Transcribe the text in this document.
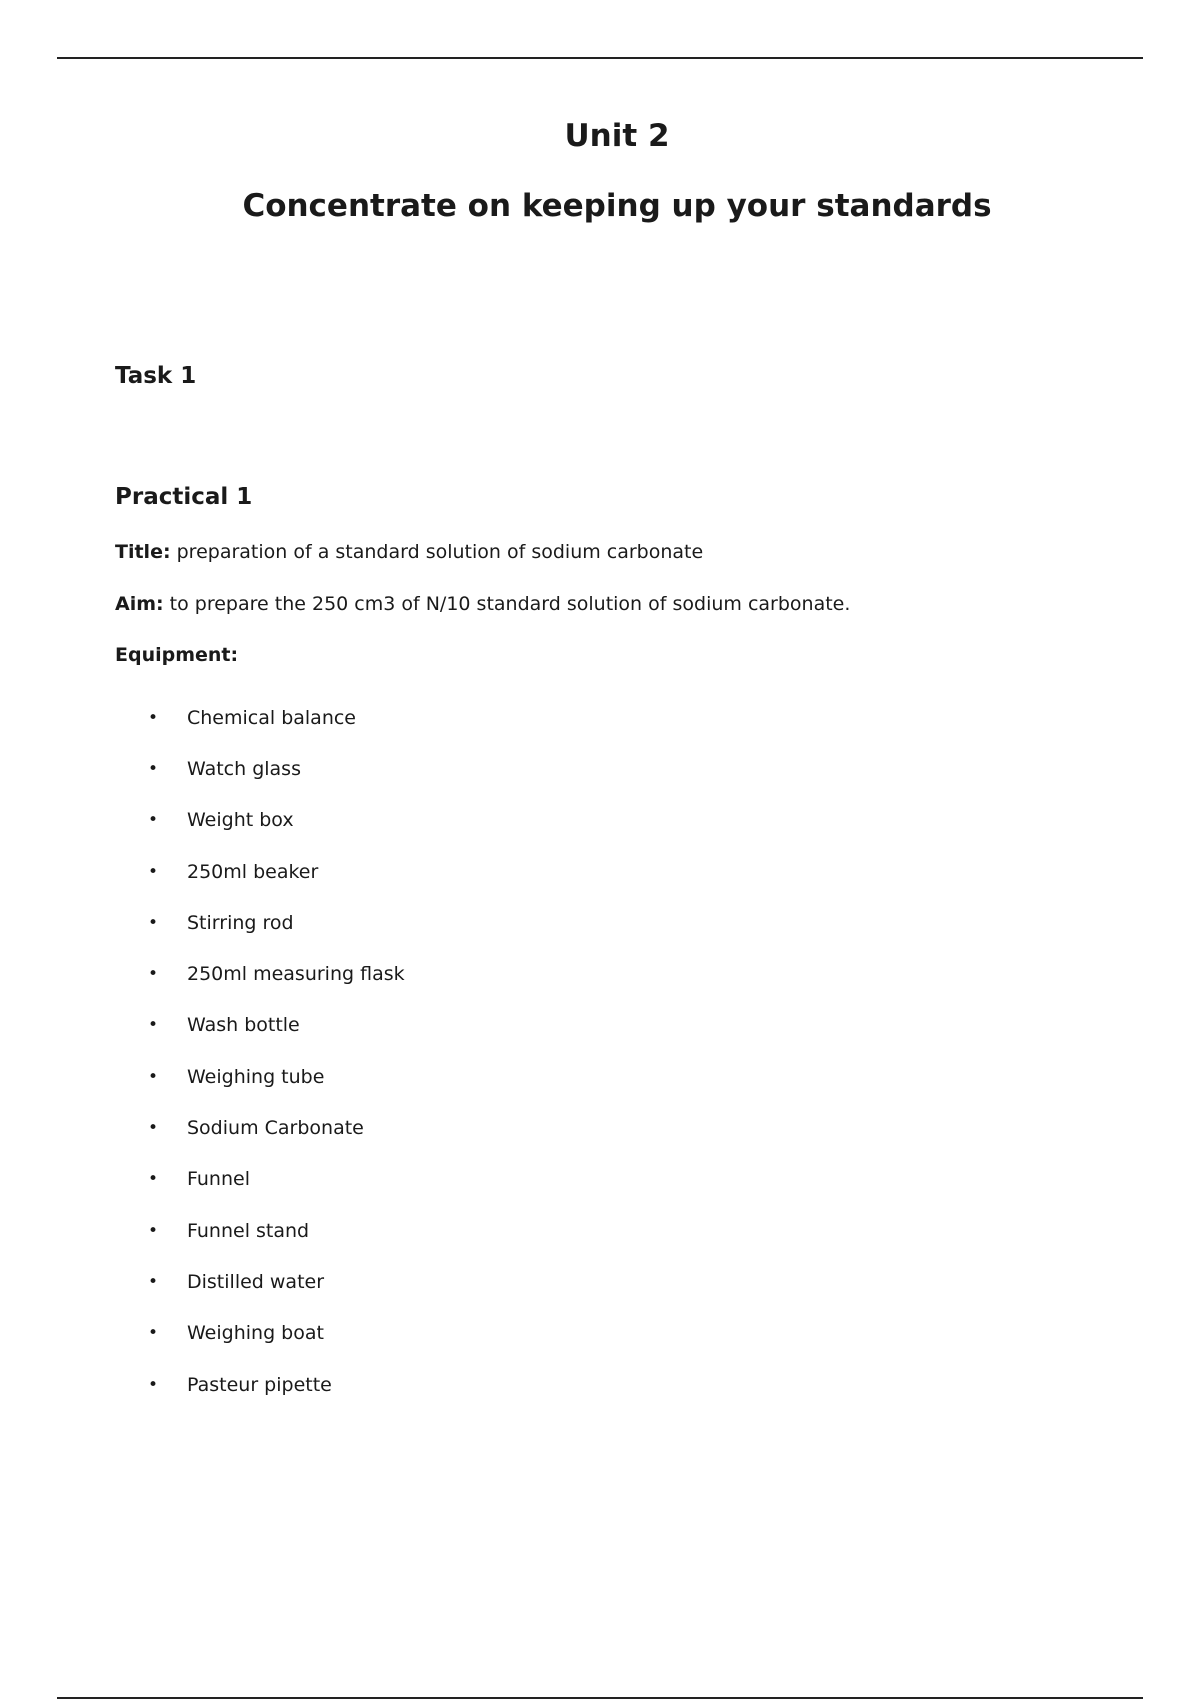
Unit 2
Concentrate on keeping up your standards
Task 1
Practical 1

Title: preparation of a standard solution of sodium carbonate

Aim: to prepare the 250 cm3 of N/10 standard solution of sodium carbonate.

Equipment:

•	Chemical balance
•	Watch glass
•	Weight box
•	250ml beaker
•	Stirring rod
•	250ml measuring flask
•	Wash bottle
•	Weighing tube
•	Sodium Carbonate
•	Funnel
•	Funnel stand
•	Distilled water
•	Weighing boat
•	Pasteur pipette
